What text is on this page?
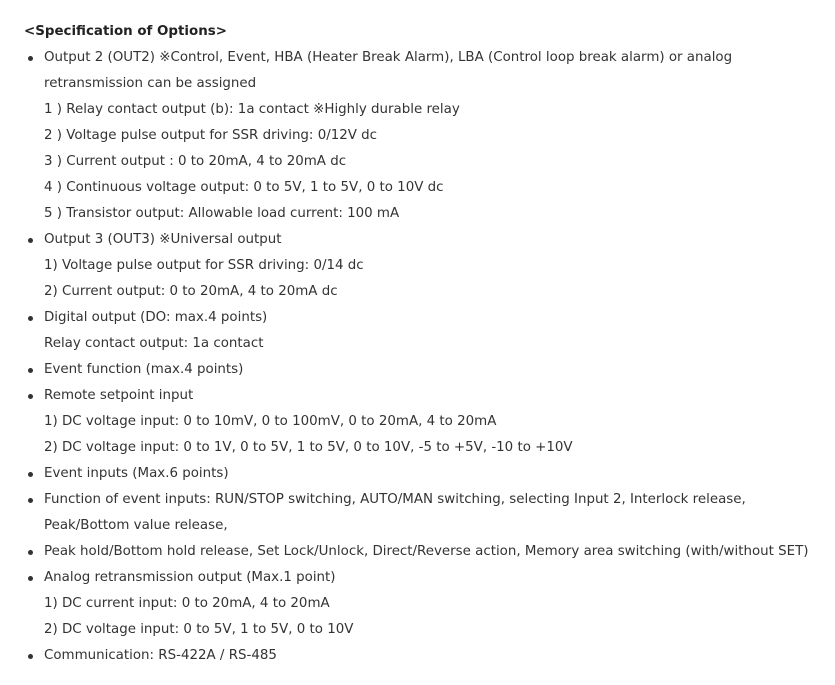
<Specification of Options>
Output 2 (OUT2) ※Control, Event, HBA (Heater Break Alarm), LBA (Control loop break alarm) or analog
retransmission can be assigned
1 ) Relay contact output (b): 1a contact ※Highly durable relay
2 ) Voltage pulse output for SSR driving: 0/12V dc
3 ) Current output : 0 to 20mA, 4 to 20mA dc
4 ) Continuous voltage output: 0 to 5V, 1 to 5V, 0 to 10V dc
5 ) Transistor output: Allowable load current: 100 mA
Output 3 (OUT3) ※Universal output
1) Voltage pulse output for SSR driving: 0/14 dc
2) Current output: 0 to 20mA, 4 to 20mA dc
Digital output (DO: max.4 points)
Relay contact output: 1a contact
Event function (max.4 points)
Remote setpoint input
1) DC voltage input: 0 to 10mV, 0 to 100mV, 0 to 20mA, 4 to 20mA
2) DC voltage input: 0 to 1V, 0 to 5V, 1 to 5V, 0 to 10V, -5 to +5V, -10 to +10V
Event inputs (Max.6 points)
Function of event inputs: RUN/STOP switching, AUTO/MAN switching, selecting Input 2, Interlock release,
Peak/Bottom value release,
Peak hold/Bottom hold release, Set Lock/Unlock, Direct/Reverse action, Memory area switching (with/without SET)
Analog retransmission output (Max.1 point)
1) DC current input: 0 to 20mA, 4 to 20mA
2) DC voltage input: 0 to 5V, 1 to 5V, 0 to 10V
Communication: RS-422A / RS-485
